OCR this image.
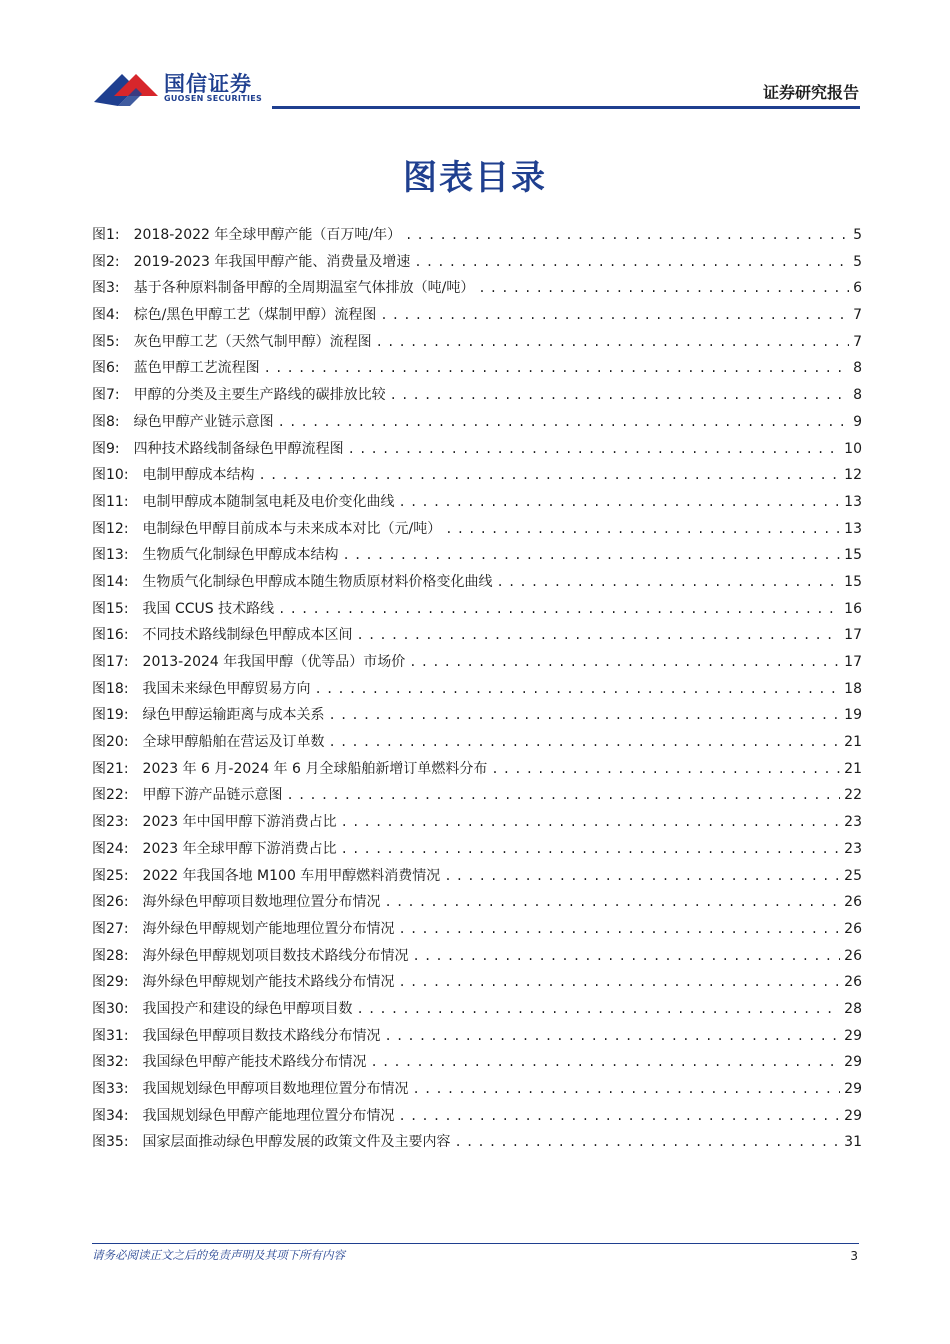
国信证券
GUOSEN SECURITIES	证券研究报告
图表目录
图1: 2018-2022 年全球甲醇产能（百万吨/年） . . .	5
图2: 2019-2023 年我国甲醇产能、消费量及增速 . . .	5
图3: 基于各种原料制备甲醇的全周期温室气体排放（吨/吨） . . .	6
图4: 棕色/黑色甲醇工艺（煤制甲醇）流程图 . . .	7
图5: 灰色甲醇工艺（天然气制甲醇）流程图 . . .	7
图6: 蓝色甲醇工艺流程图 . . .	8
图7: 甲醇的分类及主要生产路线的碳排放比较 . . .	8
图8: 绿色甲醇产业链示意图 . . .	9
图9: 四种技术路线制备绿色甲醇流程图 . . .	10
图10: 电制甲醇成本结构 . . .	12
图11: 电制甲醇成本随制氢电耗及电价变化曲线 . . .	13
图12: 电制绿色甲醇目前成本与未来成本对比（元/吨） . . .	13
图13: 生物质气化制绿色甲醇成本结构 . . .	15
图14: 生物质气化制绿色甲醇成本随生物质原材料价格变化曲线 . . .	15
图15: 我国 CCUS 技术路线 . . .	16
图16: 不同技术路线制绿色甲醇成本区间 . . .	17
图17: 2013-2024 年我国甲醇（优等品）市场价 . . .	17
图18: 我国未来绿色甲醇贸易方向 . . .	18
图19: 绿色甲醇运输距离与成本关系 . . .	19
图20: 全球甲醇船舶在营运及订单数 . . .	21
图21: 2023 年 6 月-2024 年 6 月全球船舶新增订单燃料分布 . . .	21
图22: 甲醇下游产品链示意图 . . .	22
图23: 2023 年中国甲醇下游消费占比 . . .	23
图24: 2023 年全球甲醇下游消费占比 . . .	23
图25: 2022 年我国各地 M100 车用甲醇燃料消费情况 . . .	25
图26: 海外绿色甲醇项目数地理位置分布情况 . . .	26
图27: 海外绿色甲醇规划产能地理位置分布情况 . . .	26
图28: 海外绿色甲醇规划项目数技术路线分布情况 . . .	26
图29: 海外绿色甲醇规划产能技术路线分布情况 . . .	26
图30: 我国投产和建设的绿色甲醇项目数 . . .	28
图31: 我国绿色甲醇项目数技术路线分布情况 . . .	29
图32: 我国绿色甲醇产能技术路线分布情况 . . .	29
图33: 我国规划绿色甲醇项目数地理位置分布情况 . . .	29
图34: 我国规划绿色甲醇产能地理位置分布情况 . . .	29
图35: 国家层面推动绿色甲醇发展的政策文件及主要内容 . . .	31
请务必阅读正文之后的免责声明及其项下所有内容	3
